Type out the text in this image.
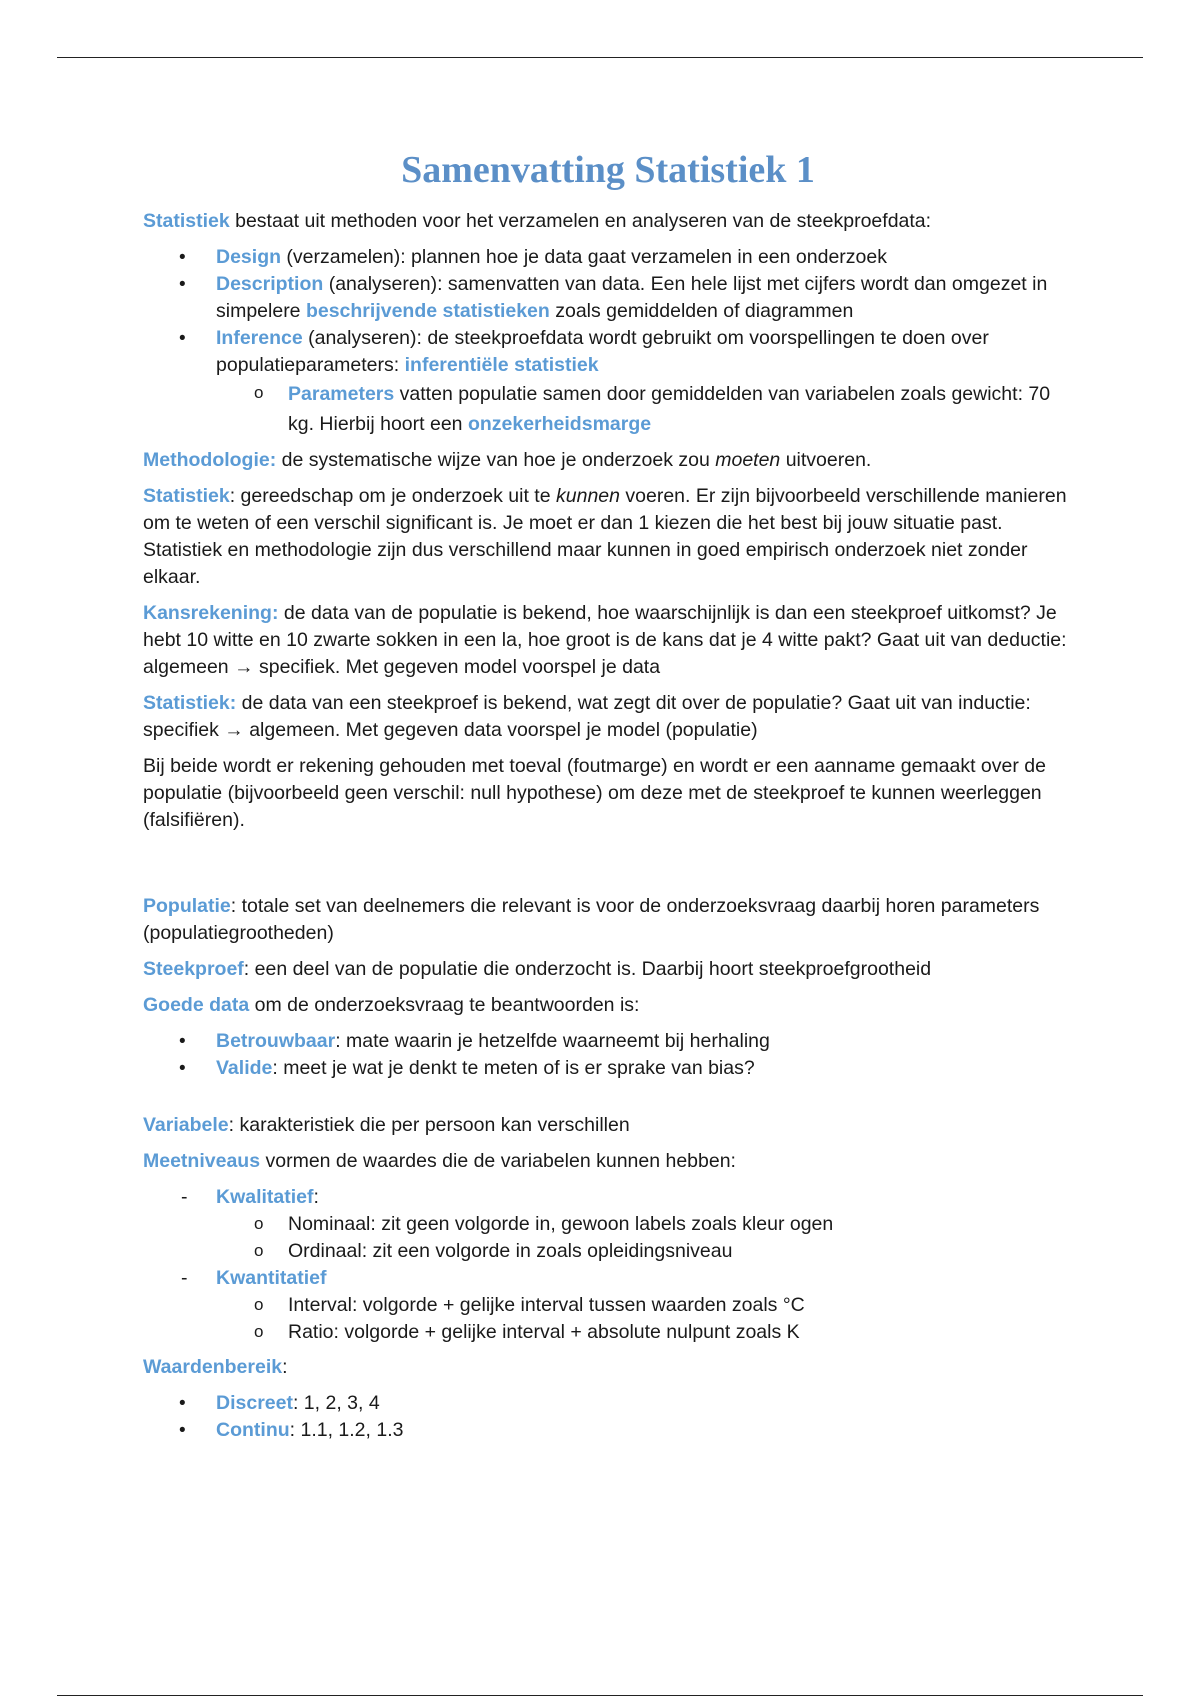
Samenvatting Statistiek 1

Statistiek bestaat uit methoden voor het verzamelen en analyseren van de steekproefdata:

• Design (verzamelen): plannen hoe je data gaat verzamelen in een onderzoek
• Description (analyseren): samenvatten van data. Een hele lijst met cijfers wordt dan omgezet in simpelere beschrijvende statistieken zoals gemiddelden of diagrammen
• Inference (analyseren): de steekproefdata wordt gebruikt om voorspellingen te doen over populatieparameters: inferentiële statistiek
o Parameters vatten populatie samen door gemiddelden van variabelen zoals gewicht: 70 kg. Hierbij hoort een onzekerheidsmarge

Methodologie: de systematische wijze van hoe je onderzoek zou moeten uitvoeren.

Statistiek: gereedschap om je onderzoek uit te kunnen voeren. Er zijn bijvoorbeeld verschillende manieren om te weten of een verschil significant is. Je moet er dan 1 kiezen die het best bij jouw situatie past. Statistiek en methodologie zijn dus verschillend maar kunnen in goed empirisch onderzoek niet zonder elkaar.

Kansrekening: de data van de populatie is bekend, hoe waarschijnlijk is dan een steekproef uitkomst? Je hebt 10 witte en 10 zwarte sokken in een la, hoe groot is de kans dat je 4 witte pakt? Gaat uit van deductie: algemeen → specifiek. Met gegeven model voorspel je data

Statistiek: de data van een steekproef is bekend, wat zegt dit over de populatie? Gaat uit van inductie: specifiek → algemeen. Met gegeven data voorspel je model (populatie)

Bij beide wordt er rekening gehouden met toeval (foutmarge) en wordt er een aanname gemaakt over de populatie (bijvoorbeeld geen verschil: null hypothese) om deze met de steekproef te kunnen weerleggen (falsifiëren).

Populatie: totale set van deelnemers die relevant is voor de onderzoeksvraag daarbij horen parameters (populatiegrootheden)

Steekproef: een deel van de populatie die onderzocht is. Daarbij hoort steekproefgrootheid

Goede data om de onderzoeksvraag te beantwoorden is:

• Betrouwbaar: mate waarin je hetzelfde waarneemt bij herhaling
• Valide: meet je wat je denkt te meten of is er sprake van bias?

Variabele: karakteristiek die per persoon kan verschillen

Meetniveaus vormen de waardes die de variabelen kunnen hebben:

- Kwalitatief:
o Nominaal: zit geen volgorde in, gewoon labels zoals kleur ogen
o Ordinaal: zit een volgorde in zoals opleidingsniveau
- Kwantitatief
o Interval: volgorde + gelijke interval tussen waarden zoals °C
o Ratio: volgorde + gelijke interval + absolute nulpunt zoals K

Waardenbereik:

• Discreet: 1, 2, 3, 4
• Continu: 1.1, 1.2, 1.3
